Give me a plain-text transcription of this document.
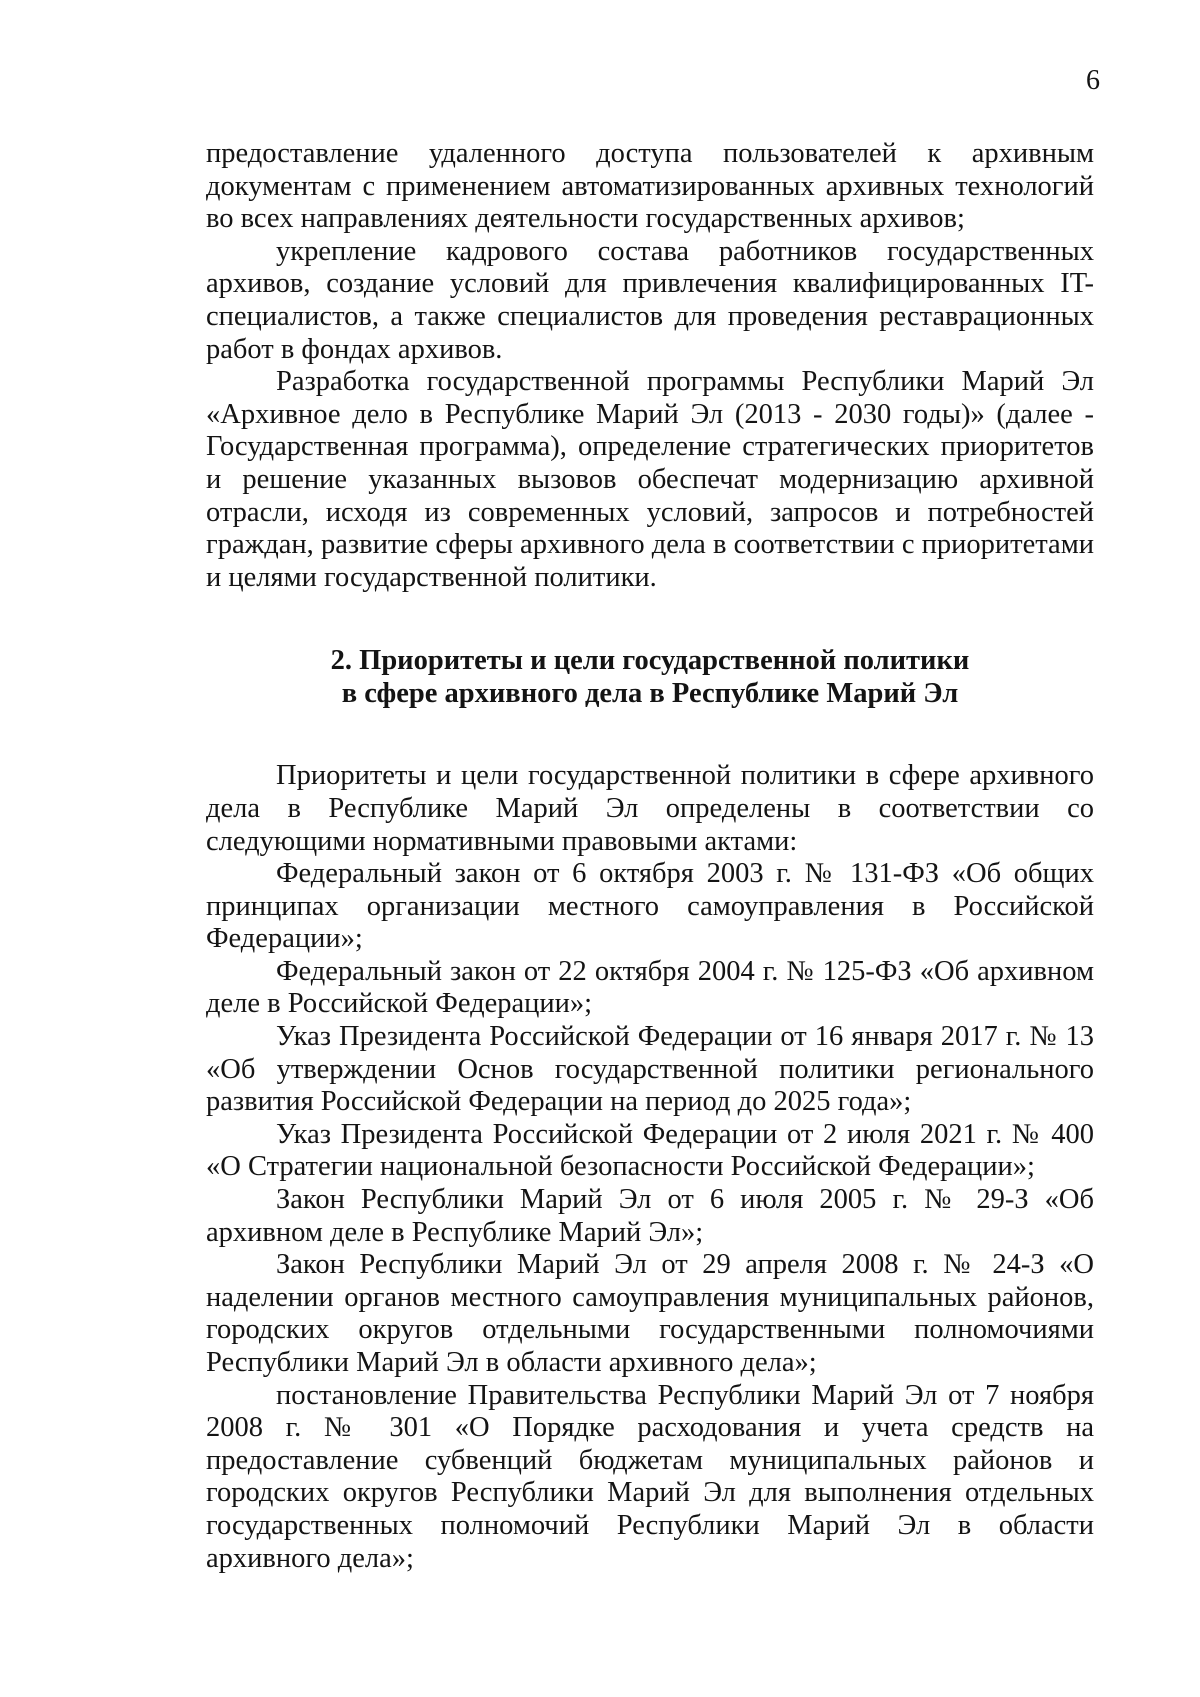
6

предоставление удаленного доступа пользователей к архивным документам с применением автоматизированных архивных технологий во всех направлениях деятельности государственных архивов;

укрепление кадрового состава работников государственных архивов, создание условий для привлечения квалифицированных IT-специалистов, а также специалистов для проведения реставрационных работ в фондах архивов.

Разработка государственной программы Республики Марий Эл «Архивное дело в Республике Марий Эл (2013 - 2030 годы)» (далее - Государственная программа), определение стратегических приоритетов и решение указанных вызовов обеспечат модернизацию архивной отрасли, исходя из современных условий, запросов и потребностей граждан, развитие сферы архивного дела в соответствии с приоритетами и целями государственной политики.

2. Приоритеты и цели государственной политики

в сфере архивного дела в Республике Марий Эл

Приоритеты и цели государственной политики в сфере архивного дела в Республике Марий Эл определены в соответствии со следующими нормативными правовыми актами:

Федеральный закон от 6 октября 2003 г. № 131-ФЗ «Об общих принципах организации местного самоуправления в Российской Федерации»;

Федеральный закон от 22 октября 2004 г. № 125-ФЗ «Об архивном деле в Российской Федерации»;

Указ Президента Российской Федерации от 16 января 2017 г. № 13 «Об утверждении Основ государственной политики регионального развития Российской Федерации на период до 2025 года»;

Указ Президента Российской Федерации от 2 июля 2021 г. № 400 «О Стратегии национальной безопасности Российской Федерации»;

Закон Республики Марий Эл от 6 июля 2005 г. № 29-З «Об архивном деле в Республике Марий Эл»;

Закон Республики Марий Эл от 29 апреля 2008 г. № 24-З «О наделении органов местного самоуправления муниципальных районов, городских округов отдельными государственными полномочиями Республики Марий Эл в области архивного дела»;

постановление Правительства Республики Марий Эл от 7 ноября 2008 г. № 301 «О Порядке расходования и учета средств на предоставление субвенций бюджетам муниципальных районов и городских округов Республики Марий Эл для выполнения отдельных государственных полномочий Республики Марий Эл в области архивного дела»;
